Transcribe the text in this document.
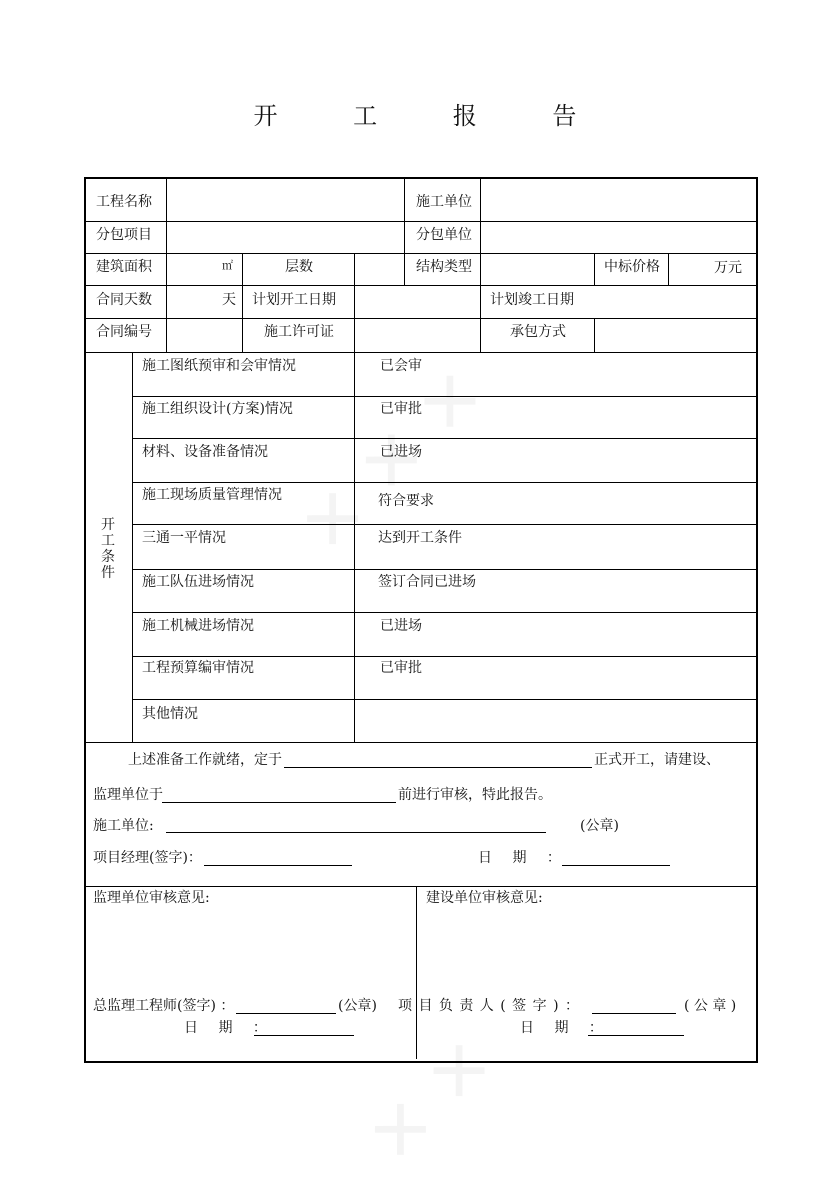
开 工 报 告
工程名称	施工单位
分包项目	分包单位
建筑面积	㎡	层数	结构类型	中标价格	万元
合同天数	天 计划开工日期	计划竣工日期
合同编号	施工许可证	承包方式
开
工
条
件
施工图纸预审和会审情况	已会审
施工组织设计(方案)情况	已审批
材料、设备准备情况	已进场
施工现场质量管理情况	符合要求
三通一平情况	达到开工条件
施工队伍进场情况	签订合同已进场
施工机械进场情况	已进场
工程预算编审情况	已审批
其他情况
上述准备工作就绪，定于	正式开工，请建设、
监理单位于	前进行审核，特此报告。
施工单位:	(公章)
项目经理(签字)：	日 期 ：
监理单位审核意见:	建设单位审核意见:
总监理工程师(签字) ：	(公章)
日 期 ：
项 目 负 责 人 ( 签 字 ) ：	( 公 章 )
日 期 ：
